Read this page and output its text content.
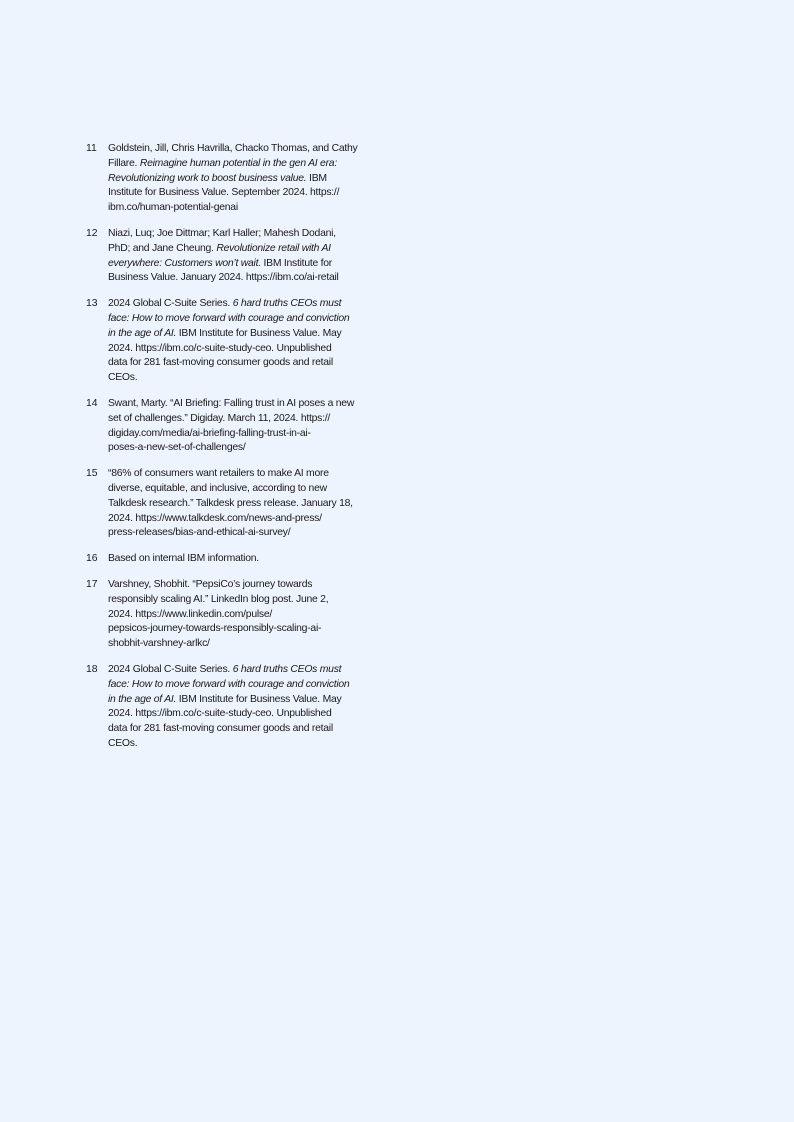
11	Goldstein, Jill, Chris Havrilla, Chacko Thomas, and Cathy
Fillare. Reimagine human potential in the gen AI era:
Revolutionizing work to boost business value. IBM
Institute for Business Value. September 2024. https://
ibm.co/human-potential-genai
12	Niazi, Luq; Joe Dittmar; Karl Haller; Mahesh Dodani,
PhD; and Jane Cheung. Revolutionize retail with AI
everywhere: Customers won’t wait. IBM Institute for
Business Value. January 2024. https://ibm.co/ai-retail
13	2024 Global C-Suite Series. 6 hard truths CEOs must
face: How to move forward with courage and conviction
in the age of AI. IBM Institute for Business Value. May
2024. https://ibm.co/c-suite-study-ceo. Unpublished
data for 281 fast-moving consumer goods and retail
CEOs.
14	Swant, Marty. “AI Briefing: Falling trust in AI poses a new
set of challenges.” Digiday. March 11, 2024. https://
digiday.com/media/ai-briefing-falling-trust-in-ai-
poses-a-new-set-of-challenges/
15	“86% of consumers want retailers to make AI more
diverse, equitable, and inclusive, according to new
Talkdesk research.” Talkdesk press release. January 18,
2024. https://www.talkdesk.com/news-and-press/
press-releases/bias-and-ethical-ai-survey/
16	Based on internal IBM information.
17	Varshney, Shobhit. “PepsiCo’s journey towards
responsibly scaling AI.” LinkedIn blog post. June 2,
2024. https://www.linkedin.com/pulse/
pepsicos-journey-towards-responsibly-scaling-ai-
shobhit-varshney-arlkc/
18	2024 Global C-Suite Series. 6 hard truths CEOs must
face: How to move forward with courage and conviction
in the age of AI. IBM Institute for Business Value. May
2024. https://ibm.co/c-suite-study-ceo. Unpublished
data for 281 fast-moving consumer goods and retail
CEOs.
